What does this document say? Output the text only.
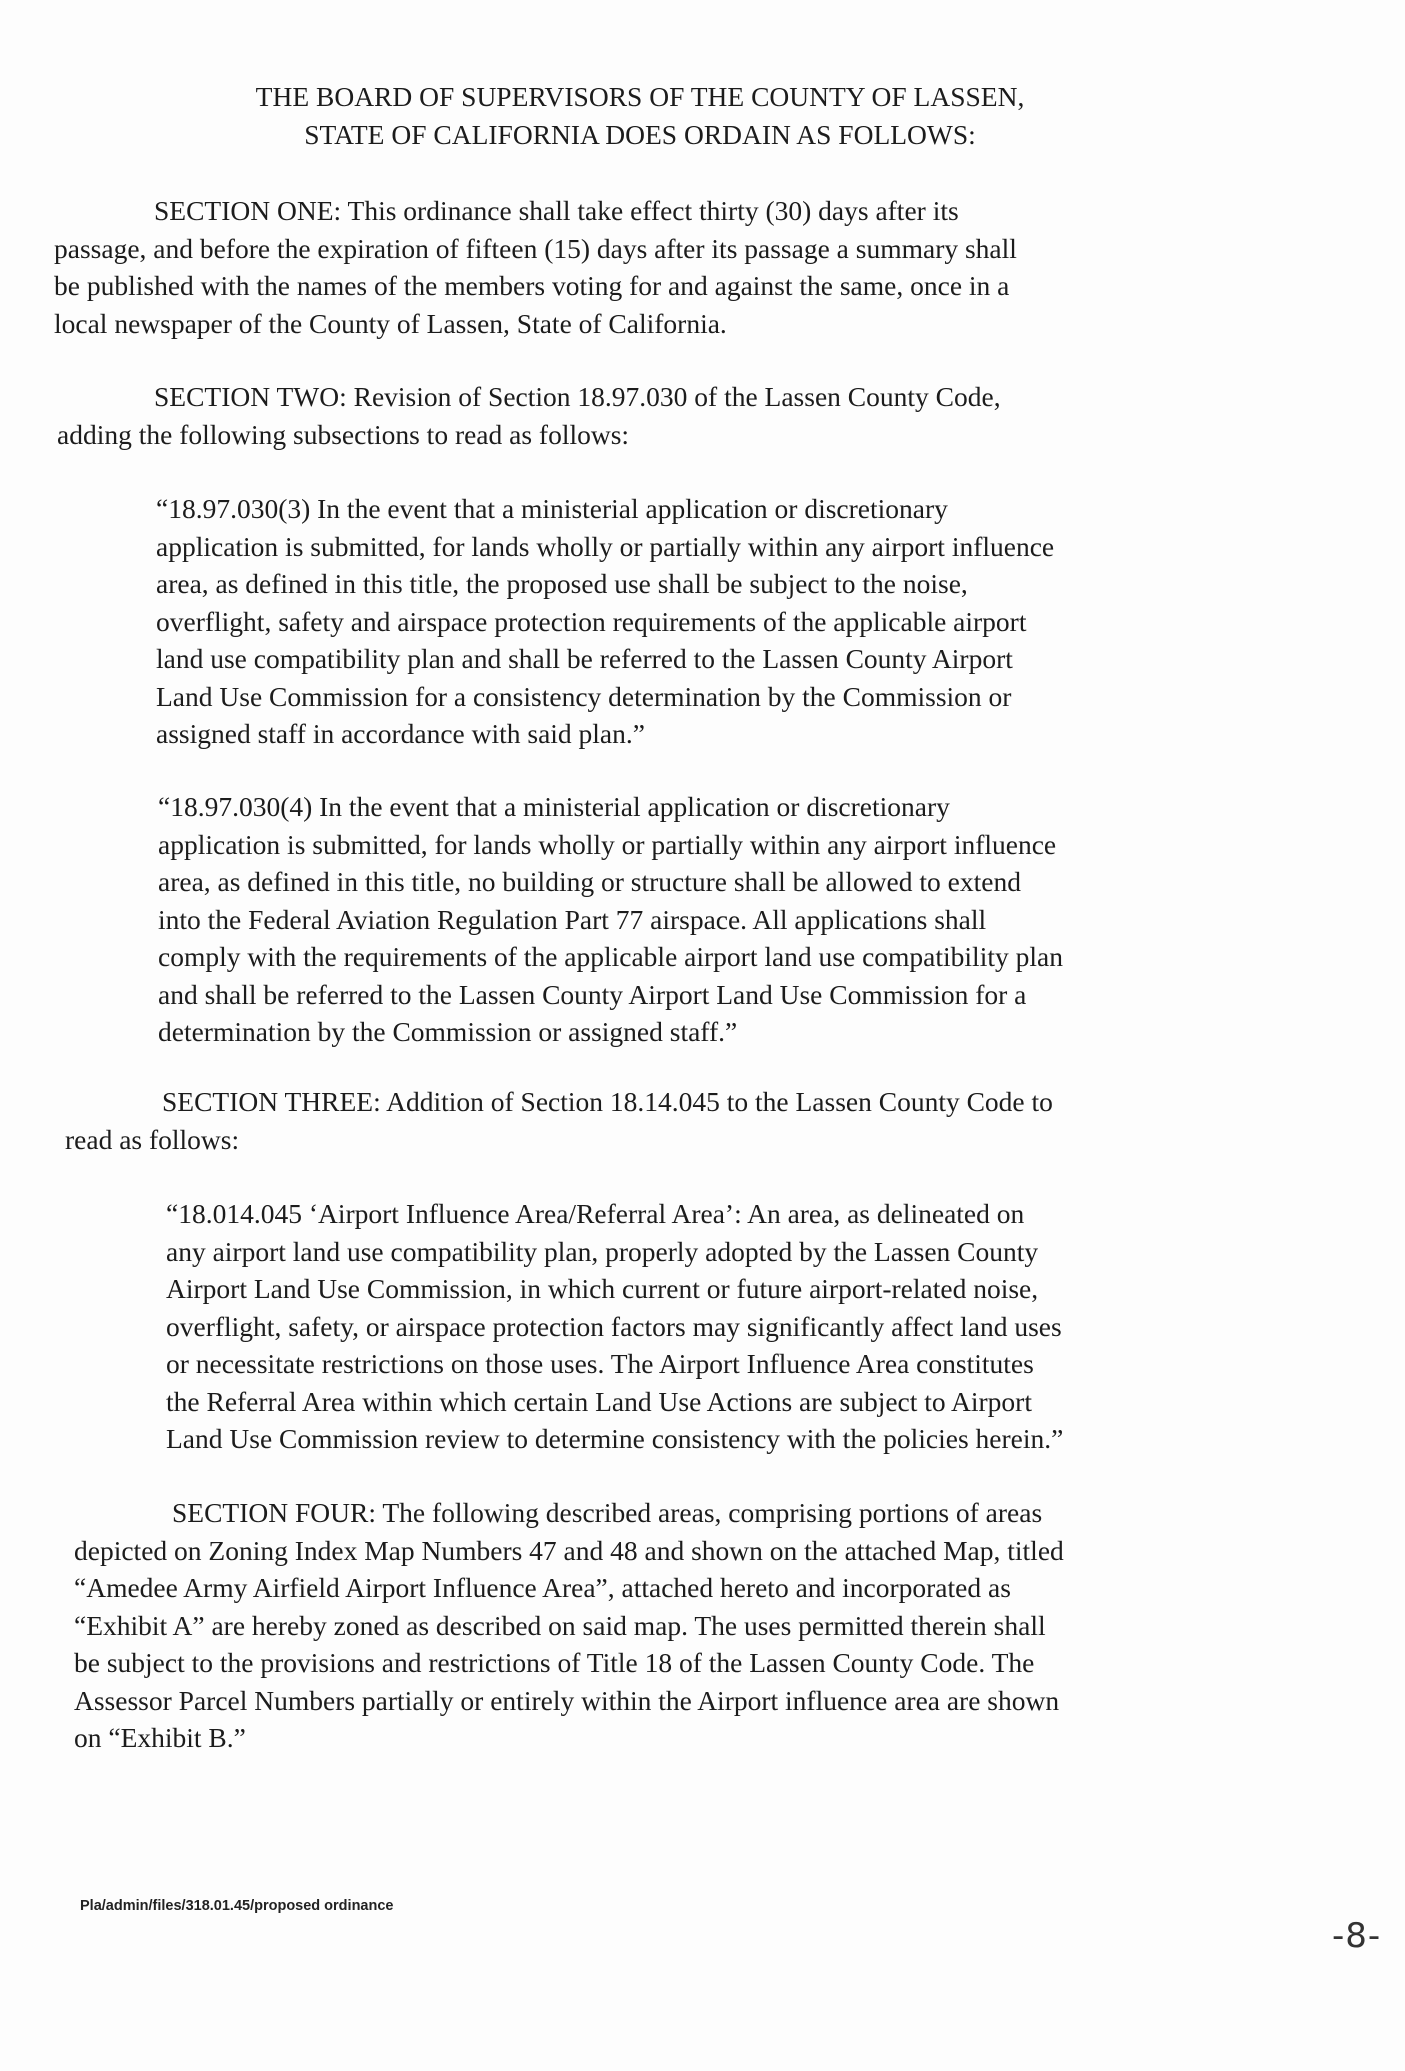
THE BOARD OF SUPERVISORS OF THE COUNTY OF LASSEN,
STATE OF CALIFORNIA DOES ORDAIN AS FOLLOWS:
SECTION ONE: This ordinance shall take effect thirty (30) days after its
passage, and before the expiration of fifteen (15) days after its passage a summary shall
be published with the names of the members voting for and against the same, once in a
local newspaper of the County of Lassen, State of California.
SECTION TWO: Revision of Section 18.97.030 of the Lassen County Code,
adding the following subsections to read as follows:
“18.97.030(3) In the event that a ministerial application or discretionary
application is submitted, for lands wholly or partially within any airport influence
area, as defined in this title, the proposed use shall be subject to the noise,
overflight, safety and airspace protection requirements of the applicable airport
land use compatibility plan and shall be referred to the Lassen County Airport
Land Use Commission for a consistency determination by the Commission or
assigned staff in accordance with said plan.”
“18.97.030(4) In the event that a ministerial application or discretionary
application is submitted, for lands wholly or partially within any airport influence
area, as defined in this title, no building or structure shall be allowed to extend
into the Federal Aviation Regulation Part 77 airspace. All applications shall
comply with the requirements of the applicable airport land use compatibility plan
and shall be referred to the Lassen County Airport Land Use Commission for a
determination by the Commission or assigned staff.”
SECTION THREE: Addition of Section 18.14.045 to the Lassen County Code to
read as follows:
“18.014.045 ‘Airport Influence Area/Referral Area’: An area, as delineated on
any airport land use compatibility plan, properly adopted by the Lassen County
Airport Land Use Commission, in which current or future airport-related noise,
overflight, safety, or airspace protection factors may significantly affect land uses
or necessitate restrictions on those uses. The Airport Influence Area constitutes
the Referral Area within which certain Land Use Actions are subject to Airport
Land Use Commission review to determine consistency with the policies herein.”
SECTION FOUR: The following described areas, comprising portions of areas
depicted on Zoning Index Map Numbers 47 and 48 and shown on the attached Map, titled
“Amedee Army Airfield Airport Influence Area”, attached hereto and incorporated as
“Exhibit A” are hereby zoned as described on said map. The uses permitted therein shall
be subject to the provisions and restrictions of Title 18 of the Lassen County Code. The
Assessor Parcel Numbers partially or entirely within the Airport influence area are shown
on “Exhibit B.”
Pla/admin/files/318.01.45/proposed ordinance
-8-
